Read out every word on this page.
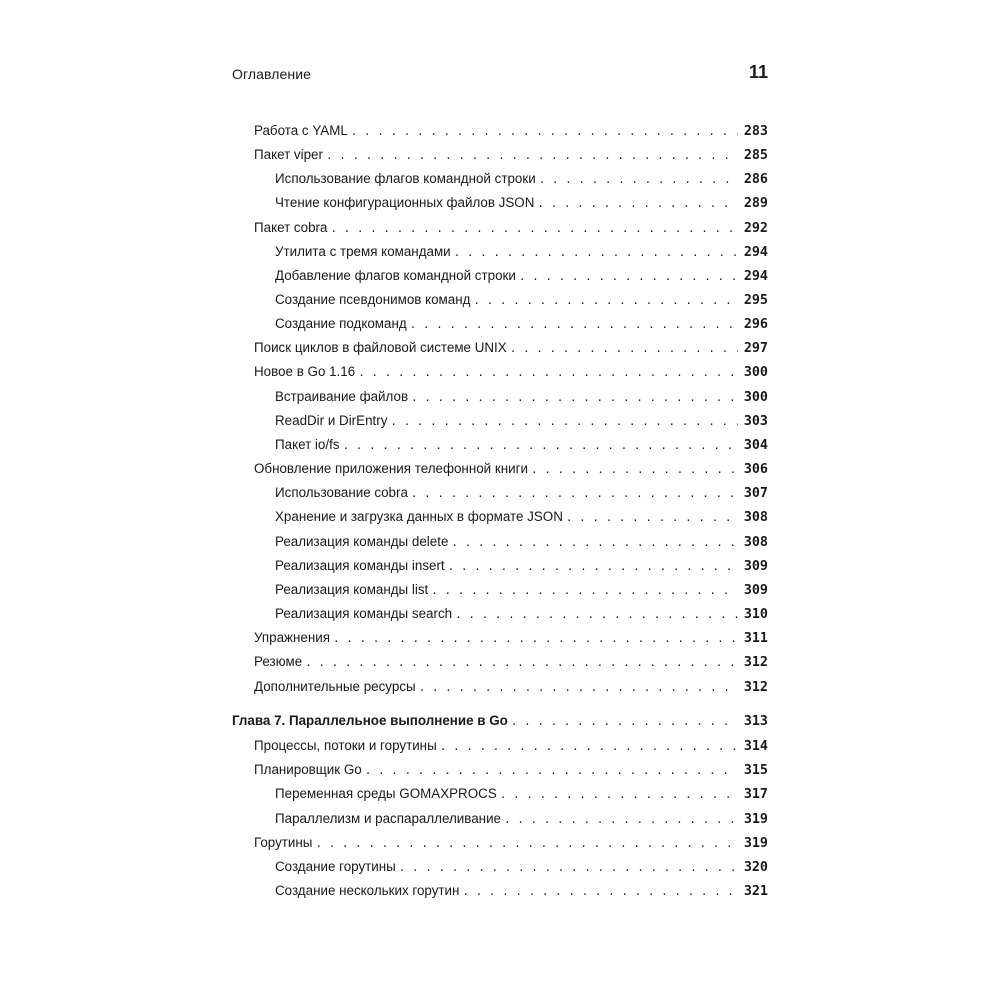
Оглавление	11
Работа с YAML . . .	283
Пакет viper . . .	285
Использование флагов командной строки . . .	286
Чтение конфигурационных файлов JSON . . .	289
Пакет cobra . . .	292
Утилита с тремя командами . . .	294
Добавление флагов командной строки . . .	294
Создание псевдонимов команд . . .	295
Создание подкоманд . . .	296
Поиск циклов в файловой системе UNIX . . .	297
Новое в Go 1.16 . . .	300
Встраивание файлов . . .	300
ReadDir и DirEntry . . .	303
Пакет io/fs . . .	304
Обновление приложения телефонной книги . . .	306
Использование cobra . . .	307
Хранение и загрузка данных в формате JSON . . .	308
Реализация команды delete . . .	308
Реализация команды insert . . .	309
Реализация команды list . . .	309
Реализация команды search . . .	310
Упражнения . . .	311
Резюме . . .	312
Дополнительные ресурсы . . .	312
Глава 7. Параллельное выполнение в Go . . .	313
Процессы, потоки и горутины . . .	314
Планировщик Go . . .	315
Переменная среды GOMAXPROCS . . .	317
Параллелизм и распараллеливание . . .	319
Горутины . . .	319
Создание горутины . . .	320
Создание нескольких горутин . . .	321
